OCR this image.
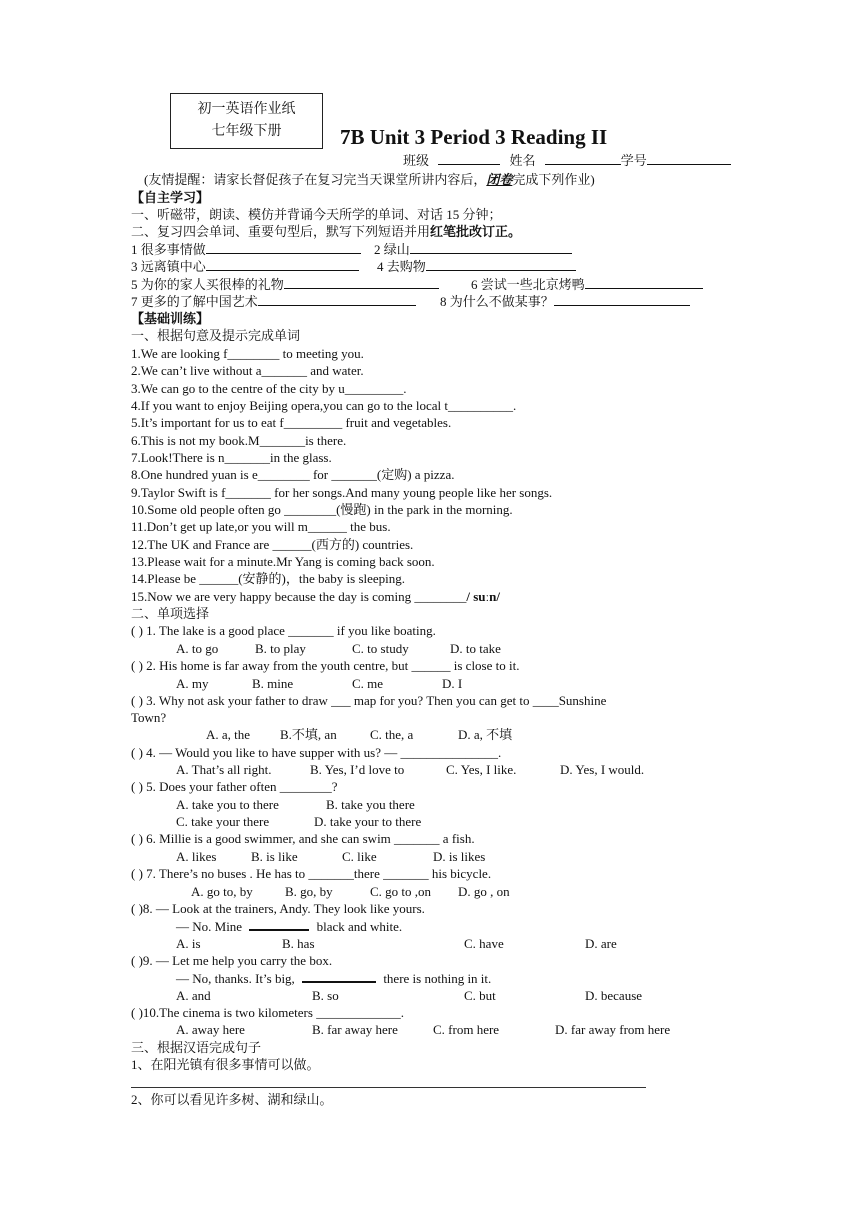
初一英语作业纸
七年级下册	7B Unit 3 Period 3 Reading II
班级	姓名	学号
(友情提醒：请家长督促孩子在复习完当天课堂所讲内容后，闭卷完成下列作业)
【自主学习】
一、听磁带，朗读、模仿并背诵今天所学的单词、对话 15 分钟；
二、复习四会单词、重要句型后，默写下列短语并用红笔批改订正。
1 很多事情做	2 绿山
3 远离镇中心	4 去购物
5 为你的家人买很棒的礼物	6 尝试一些北京烤鸭
7 更多的了解中国艺术	8 为什么不做某事？
【基础训练】
一、根据句意及提示完成单词
1.We are looking f________ to meeting you.
2.We can’t live without a_______ and water.
3.We can go to the centre of the city by u_________.
4.If you want to enjoy Beijing opera,you can go to the local t__________.
5.It’s important for us to eat f_________ fruit and vegetables.
6.This is not my book.M_______is there.
7.Look!There is n_______in the glass.
8.One hundred yuan is e________ for _______(定购) a pizza.
9.Taylor Swift is f_______ for her songs.And many young people like her songs.
10.Some old people often go ________(慢跑) in the park in the morning.
11.Don’t get up late,or you will m______ the bus.
12.The UK and France are ______(西方的) countries.
13.Please wait for a minute.Mr Yang is coming back soon.
14.Please be ______(安静的)，the baby is sleeping.
15.Now we are very happy because the day is coming ________/ suːn/
二、单项选择
( ) 1. The lake is a good place _______ if you like boating.
A. to go	B. to play	C. to study	D. to take
( ) 2. His home is far away from the youth centre, but ______ is close to it.
A. my	B. mine	C. me	D. I
( ) 3. Why not ask your father to draw ___ map for you? Then you can get to ____Sunshine
Town?
A. a, the B.不填, an	C. the, a	D. a, 不填
( ) 4. — Would you like to have supper with us? — _______________.
A. That’s all right.	B. Yes, I’d love to	C. Yes, I like.	D. Yes, I would.
( ) 5. Does your father often ________?
A. take you to there	B. take you there
C. take your there	D. take your to there
( ) 6. Millie is a good swimmer, and she can swim _______ a fish.
A. likes	B. is like	C. like	D. is likes
( ) 7. There’s no buses . He has to _______there _______ his bicycle.
A. go to, by B. go, by	C. go to ,on D. go , on
( )8. — Look at the trainers, Andy. They look like yours.
— No. Mine	black and white.
A. is	B. has	C. have	D. are
( )9. — Let me help you carry the box.
— No, thanks. It’s big,	there is nothing in it.
A. and	B. so	C. but	D. because
( )10.The cinema is two kilometers _____________.
A. away here	B. far away here	C. from here	D. far away from here
三、根据汉语完成句子
1、在阳光镇有很多事情可以做。
2、你可以看见许多树、湖和绿山。
